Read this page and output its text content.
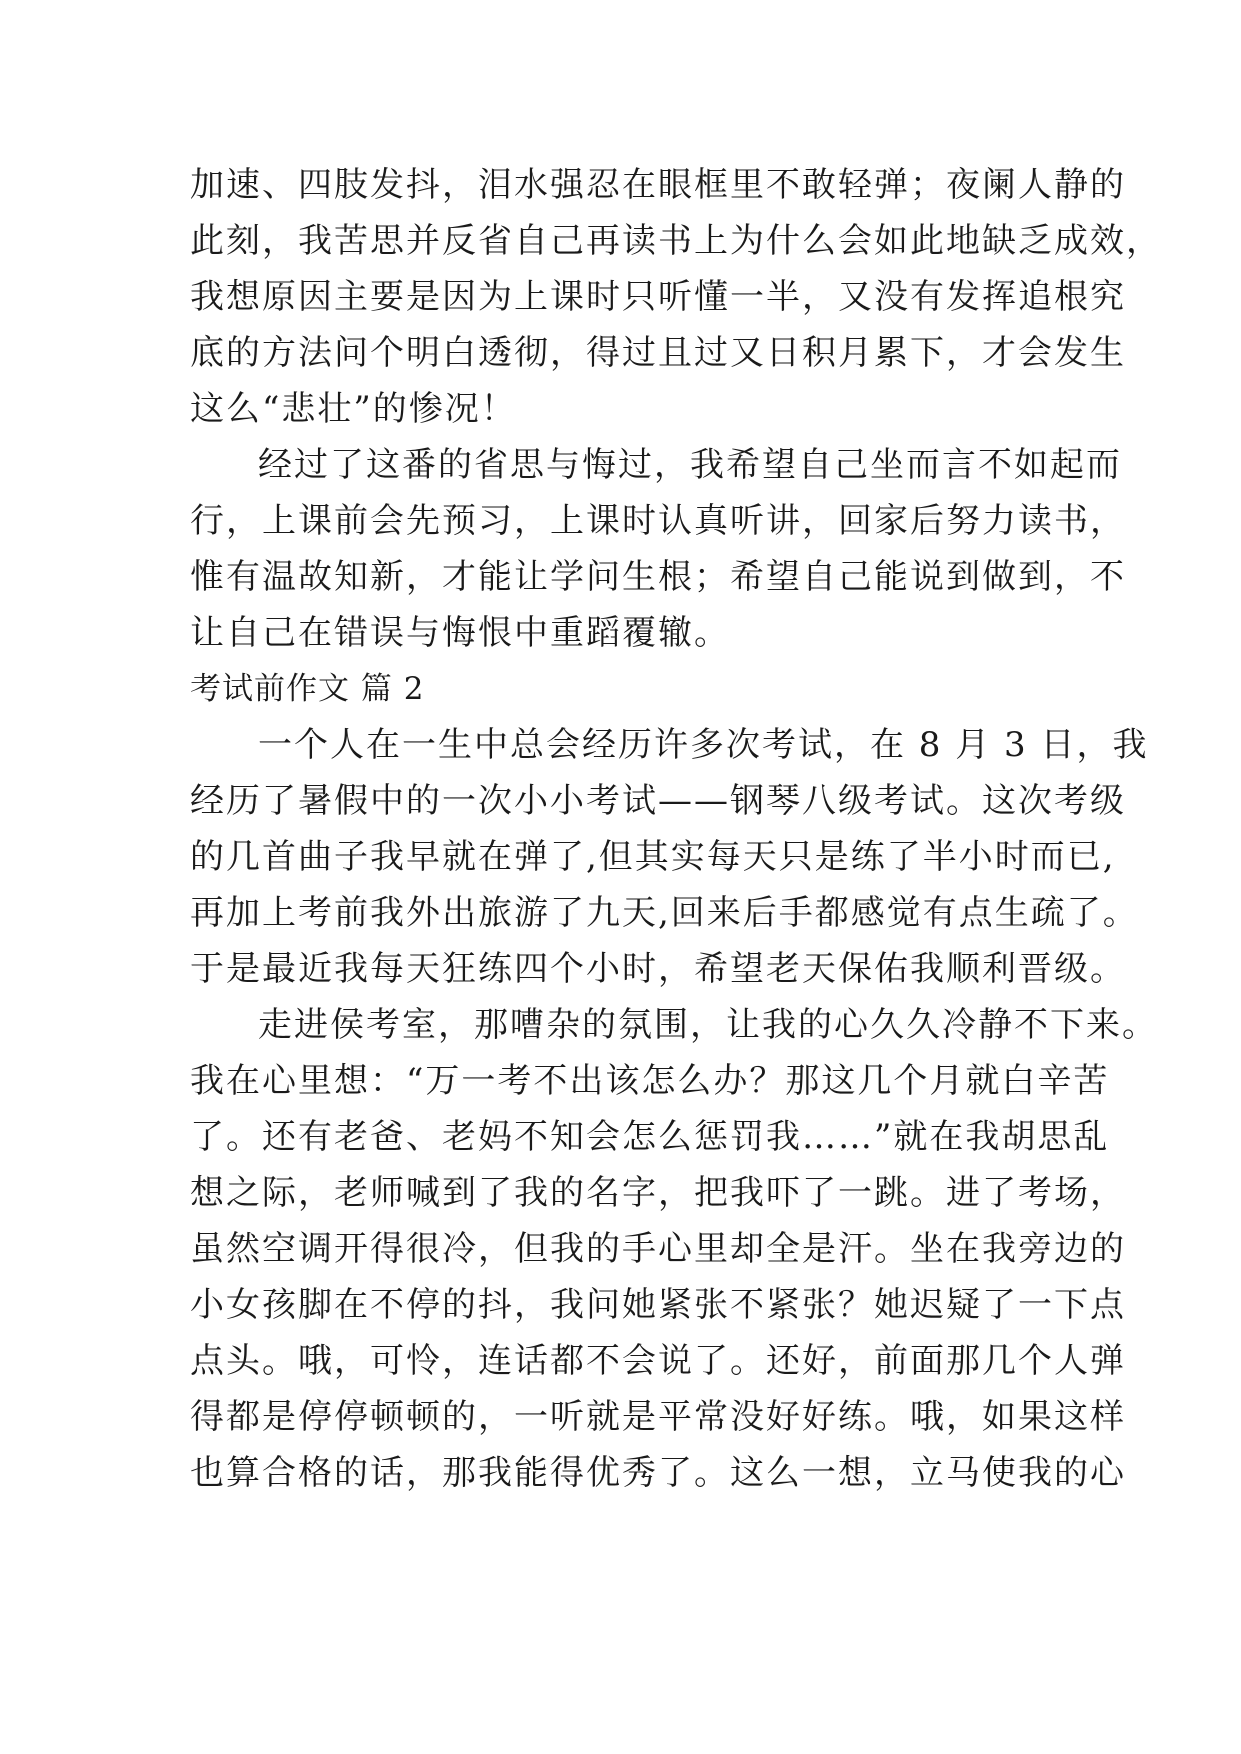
加速、四肢发抖，泪水强忍在眼框里不敢轻弹；夜阑人静的
此刻，我苦思并反省自己再读书上为什么会如此地缺乏成效，
我想原因主要是因为上课时只听懂一半，又没有发挥追根究
底的方法问个明白透彻，得过且过又日积月累下，才会发生
这么“悲壮”的惨况！
经过了这番的省思与悔过，我希望自己坐而言不如起而
行，上课前会先预习，上课时认真听讲，回家后努力读书，
惟有温故知新，才能让学问生根；希望自己能说到做到，不
让自己在错误与悔恨中重蹈覆辙。
考试前作文 篇 2
一个人在一生中总会经历许多次考试，在 8 月 3 日，我
经历了暑假中的一次小小考试——钢琴八级考试。这次考级
的几首曲子我早就在弹了,但其实每天只是练了半小时而已,
再加上考前我外出旅游了九天,回来后手都感觉有点生疏了。
于是最近我每天狂练四个小时，希望老天保佑我顺利晋级。
走进侯考室，那嘈杂的氛围，让我的心久久冷静不下来。
我在心里想：“万一考不出该怎么办？那这几个月就白辛苦
了。还有老爸、老妈不知会怎么惩罚我……”就在我胡思乱
想之际，老师喊到了我的名字，把我吓了一跳。进了考场，
虽然空调开得很冷，但我的手心里却全是汗。坐在我旁边的
小女孩脚在不停的抖，我问她紧张不紧张？她迟疑了一下点
点头。哦，可怜，连话都不会说了。还好，前面那几个人弹
得都是停停顿顿的，一听就是平常没好好练。哦，如果这样
也算合格的话，那我能得优秀了。这么一想，立马使我的心
